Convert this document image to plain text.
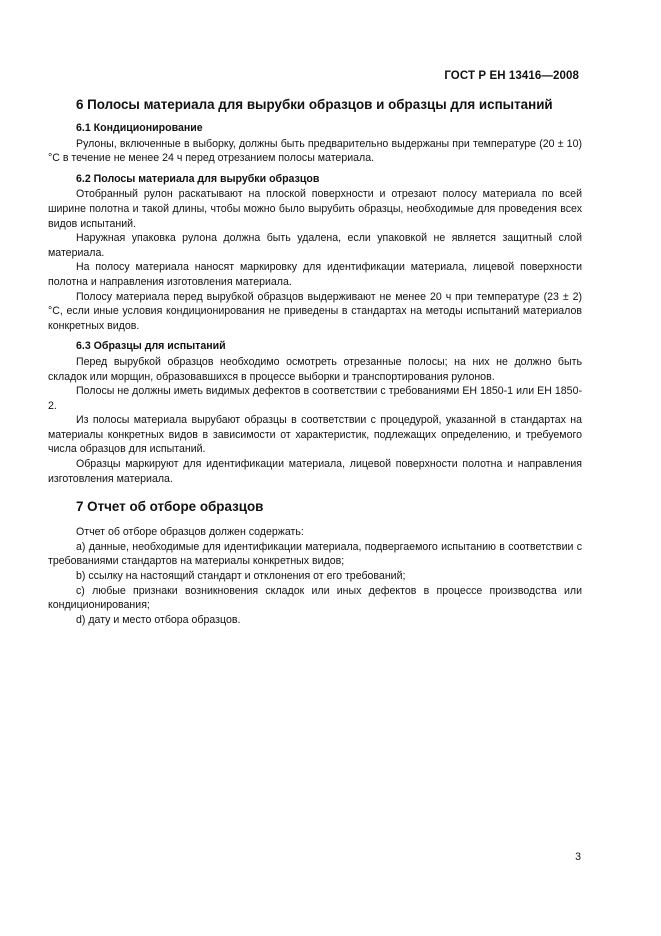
ГОСТ Р ЕН 13416—2008
6 Полосы материала для вырубки образцов и образцы для испытаний
6.1 Кондиционирование

Рулоны, включенные в выборку, должны быть предварительно выдержаны при температуре (20 ± 10) °С в течение не менее 24 ч перед отрезанием полосы материала.

6.2 Полосы материала для вырубки образцов

Отобранный рулон раскатывают на плоской поверхности и отрезают полосу материала по всей ширине полотна и такой длины, чтобы можно было вырубить образцы, необходимые для проведения всех видов испытаний.

Наружная упаковка рулона должна быть удалена, если упаковкой не является защитный слой материала.

На полосу материала наносят маркировку для идентификации материала, лицевой поверхности полотна и направления изготовления материала.

Полосу материала перед вырубкой образцов выдерживают не менее 20 ч при температуре (23 ± 2) °С, если иные условия кондиционирования не приведены в стандартах на методы испытаний материалов конкретных видов.

6.3 Образцы для испытаний

Перед вырубкой образцов необходимо осмотреть отрезанные полосы; на них не должно быть складок или морщин, образовавшихся в процессе выборки и транспортирования рулонов.

Полосы не должны иметь видимых дефектов в соответствии с требованиями ЕН 1850-1 или ЕН 1850-2.

Из полосы материала вырубают образцы в соответствии с процедурой, указанной в стандартах на материалы конкретных видов в зависимости от характеристик, подлежащих определению, и требуемого числа образцов для испытаний.

Образцы маркируют для идентификации материала, лицевой поверхности полотна и направления изготовления материала.

7 Отчет об отборе образцов

Отчет об отборе образцов должен содержать:

a) данные, необходимые для идентификации материала, подвергаемого испытанию в соответствии с требованиями стандартов на материалы конкретных видов;

b) ссылку на настоящий стандарт и отклонения от его требований;

c) любые признаки возникновения складок или иных дефектов в процессе производства или кондиционирования;

d) дату и место отбора образцов.

3
